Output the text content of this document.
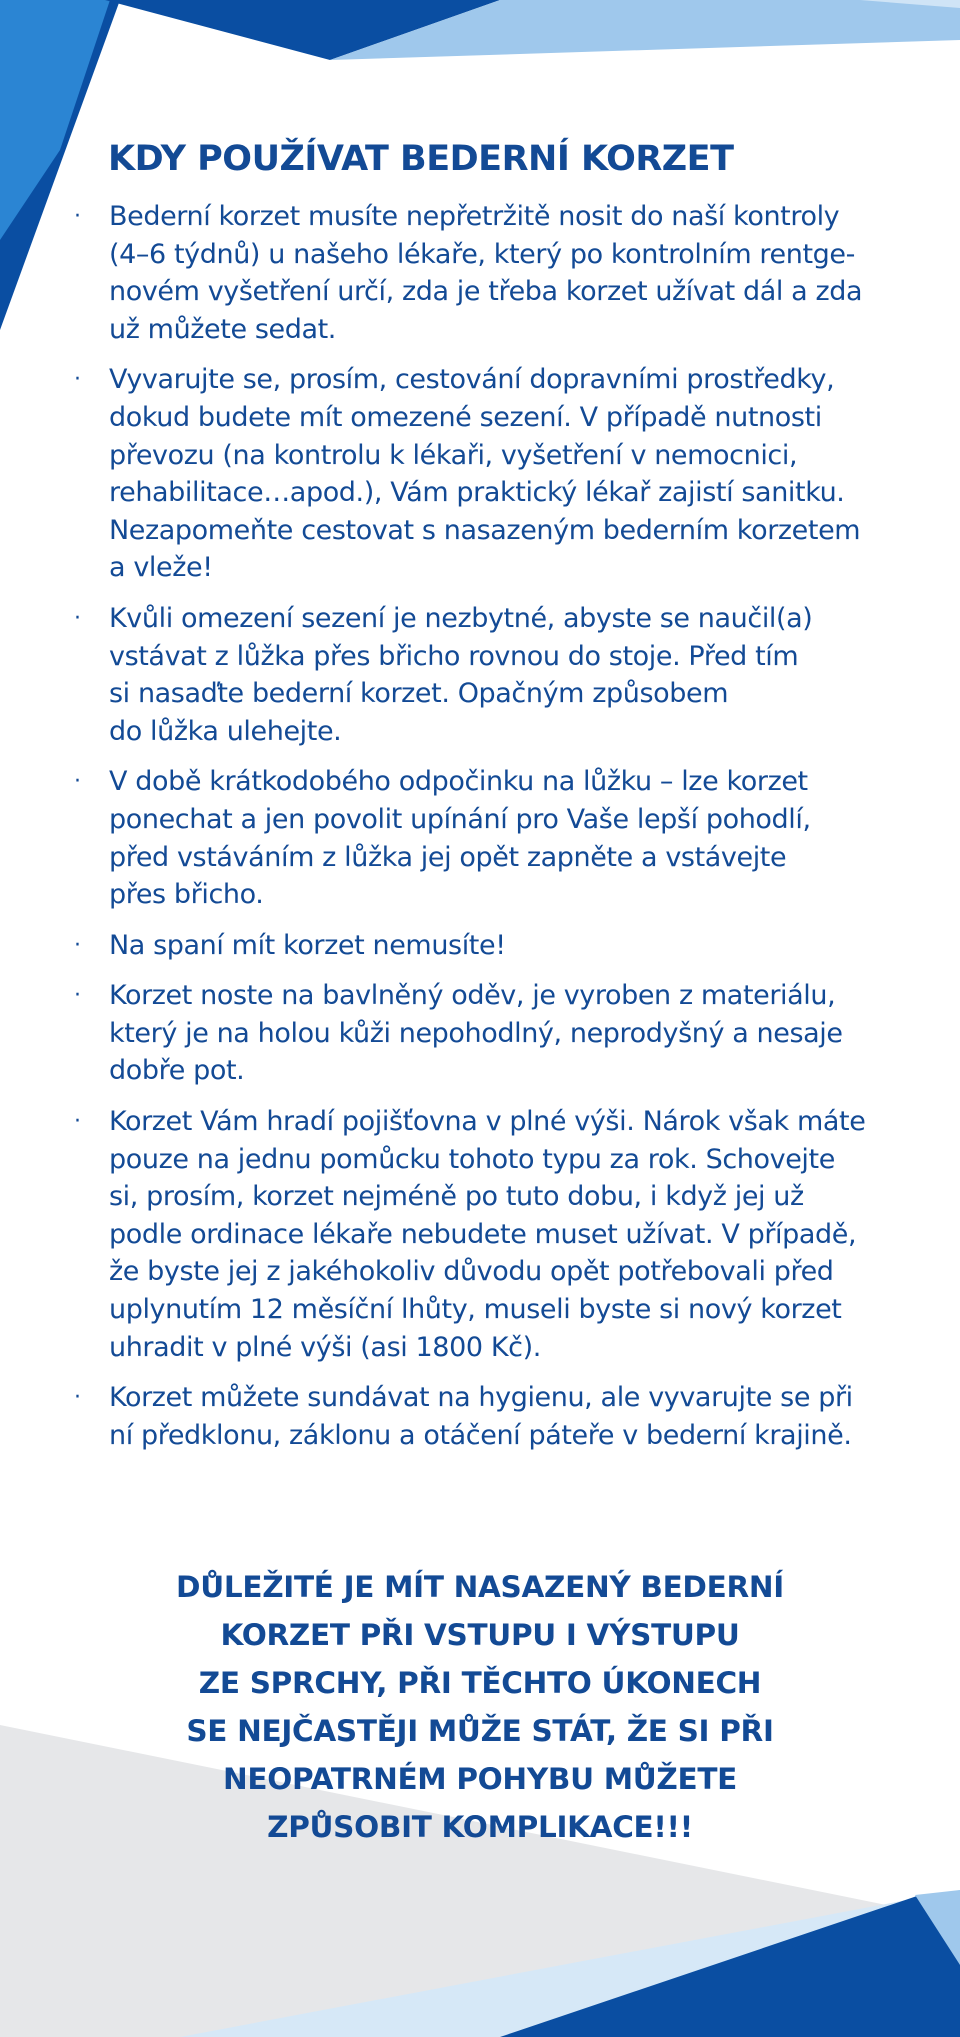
KDY POUŽÍVAT BEDERNÍ KORZET
· Bederní korzet musíte nepřetržitě nosit do naší kontroly
(4–6 týdnů) u našeho lékaře, který po kontrolním rentge-
novém vyšetření určí, zda je třeba korzet užívat dál a zda
už můžete sedat.
· Vyvarujte se, prosím, cestování dopravními prostředky,
dokud budete mít omezené sezení. V případě nutnosti
převozu (na kontrolu k lékaři, vyšetření v nemocnici,
rehabilitace…apod.), Vám praktický lékař zajistí sanitku.
Nezapomeňte cestovat s nasazeným bederním korzetem
a vleže!
· Kvůli omezení sezení je nezbytné, abyste se naučil(a)
vstávat z lůžka přes břicho rovnou do stoje. Před tím
si nasaďte bederní korzet. Opačným způsobem
do lůžka ulehejte.
· V době krátkodobého odpočinku na lůžku – lze korzet
ponechat a jen povolit upínání pro Vaše lepší pohodlí,
před vstáváním z lůžka jej opět zapněte a vstávejte
přes břicho.
· Na spaní mít korzet nemusíte!
· Korzet noste na bavlněný oděv, je vyroben z materiálu,
který je na holou kůži nepohodlný, neprodyšný a nesaje
dobře pot.
· Korzet Vám hradí pojišťovna v plné výši. Nárok však máte
pouze na jednu pomůcku tohoto typu za rok. Schovejte
si, prosím, korzet nejméně po tuto dobu, i když jej už
podle ordinace lékaře nebudete muset užívat. V případě,
že byste jej z jakéhokoliv důvodu opět potřebovali před
uplynutím 12 měsíční lhůty, museli byste si nový korzet
uhradit v plné výši (asi 1800 Kč).
· Korzet můžete sundávat na hygienu, ale vyvarujte se při
ní předklonu, záklonu a otáčení páteře v bederní krajině.

DŮLEŽITÉ JE MÍT NASAZENÝ BEDERNÍ
KORZET PŘI VSTUPU I VÝSTUPU
ZE SPRCHY, PŘI TĚCHTO ÚKONECH
SE NEJČASTĚJI MŮŽE STÁT, ŽE SI PŘI
NEOPATRNÉM POHYBU MŮŽETE
ZPŮSOBIT KOMPLIKACE!!!
